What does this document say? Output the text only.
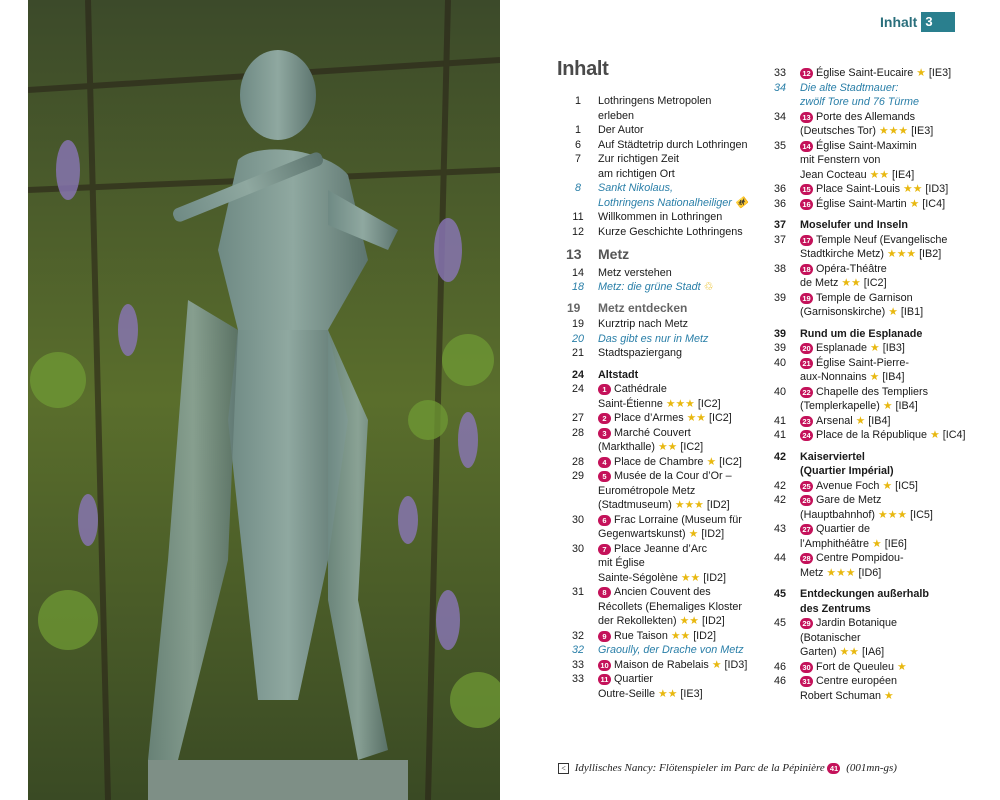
Inhalt 3
Inhalt
1	Lothringens Metropolen
erleben
1	Der Autor
6	Auf Städtetrip durch Lothringen
7	Zur richtigen Zeit
am richtigen Ort
8	Sankt Nikolaus,
Lothringens Nationalheiliger 🚸
11	Willkommen in Lothringen
12	Kurze Geschichte Lothringens
13	Metz
14	Metz verstehen
18	Metz: die grüne Stadt ♲
19	Metz entdecken
19	Kurztrip nach Metz
20	Das gibt es nur in Metz
21	Stadtspaziergang
24	Altstadt
24	1 Cathédrale
Saint-Étienne ★★★ [IC2]
27	2 Place d’Armes ★★ [IC2]
28	3 Marché Couvert
(Markthalle) ★★ [IC2]
28	4 Place de Chambre ★ [IC2]
29	5 Musée de la Cour d’Or –
Eurométropole Metz
(Stadtmuseum) ★★★ [ID2]
30	6 Frac Lorraine (Museum für
Gegenwartskunst) ★ [ID2]
30	7 Place Jeanne d’Arc
mit Église
Sainte-Ségolène ★★ [ID2]
31	8 Ancien Couvent des
Récollets (Ehemaliges Kloster
der Rekollekten) ★★ [ID2]
32	9 Rue Taison ★★ [ID2]
32	Graoully, der Drache von Metz
33	10 Maison de Rabelais ★ [ID3]
33	11 Quartier
Outre-Seille ★★ [IE3]
33	12 Église Saint-Eucaire ★ [IE3]
34	Die alte Stadtmauer:
zwölf Tore und 76 Türme
34	13 Porte des Allemands
(Deutsches Tor) ★★★ [IE3]
35	14 Église Saint-Maximin
mit Fenstern von
Jean Cocteau ★★ [IE4]
36	15 Place Saint-Louis ★★ [ID3]
36	16 Église Saint-Martin ★ [IC4]
37	Moselufer und Inseln
37	17 Temple Neuf (Evangelische
Stadtkirche Metz) ★★★ [IB2]
38	18 Opéra-Théâtre
de Metz ★★ [IC2]
39	19 Temple de Garnison
(Garnisonskirche) ★ [IB1]
39	Rund um die Esplanade
39	20 Esplanade ★ [IB3]
40	21 Église Saint-Pierre-
aux-Nonnains ★ [IB4]
40	22 Chapelle des Templiers
(Templerkapelle) ★ [IB4]
41	23 Arsenal ★ [IB4]
41	24 Place de la République ★ [IC4]
42	Kaiserviertel
(Quartier Impérial)
42	25 Avenue Foch ★ [IC5]
42	26 Gare de Metz
(Hauptbahnhof) ★★★ [IC5]
43	27 Quartier de
l’Amphithéâtre ★ [IE6]
44	28 Centre Pompidou-
Metz ★★★ [ID6]
45	Entdeckungen außerhalb
des Zentrums
45	29 Jardin Botanique
(Botanischer
Garten) ★★ [IA6]
46	30 Fort de Queuleu ★
46	31 Centre européen
Robert Schuman ★
< Idyllisches Nancy: Flötenspieler im Parc de la Pépinière 41 (001mn-gs)
